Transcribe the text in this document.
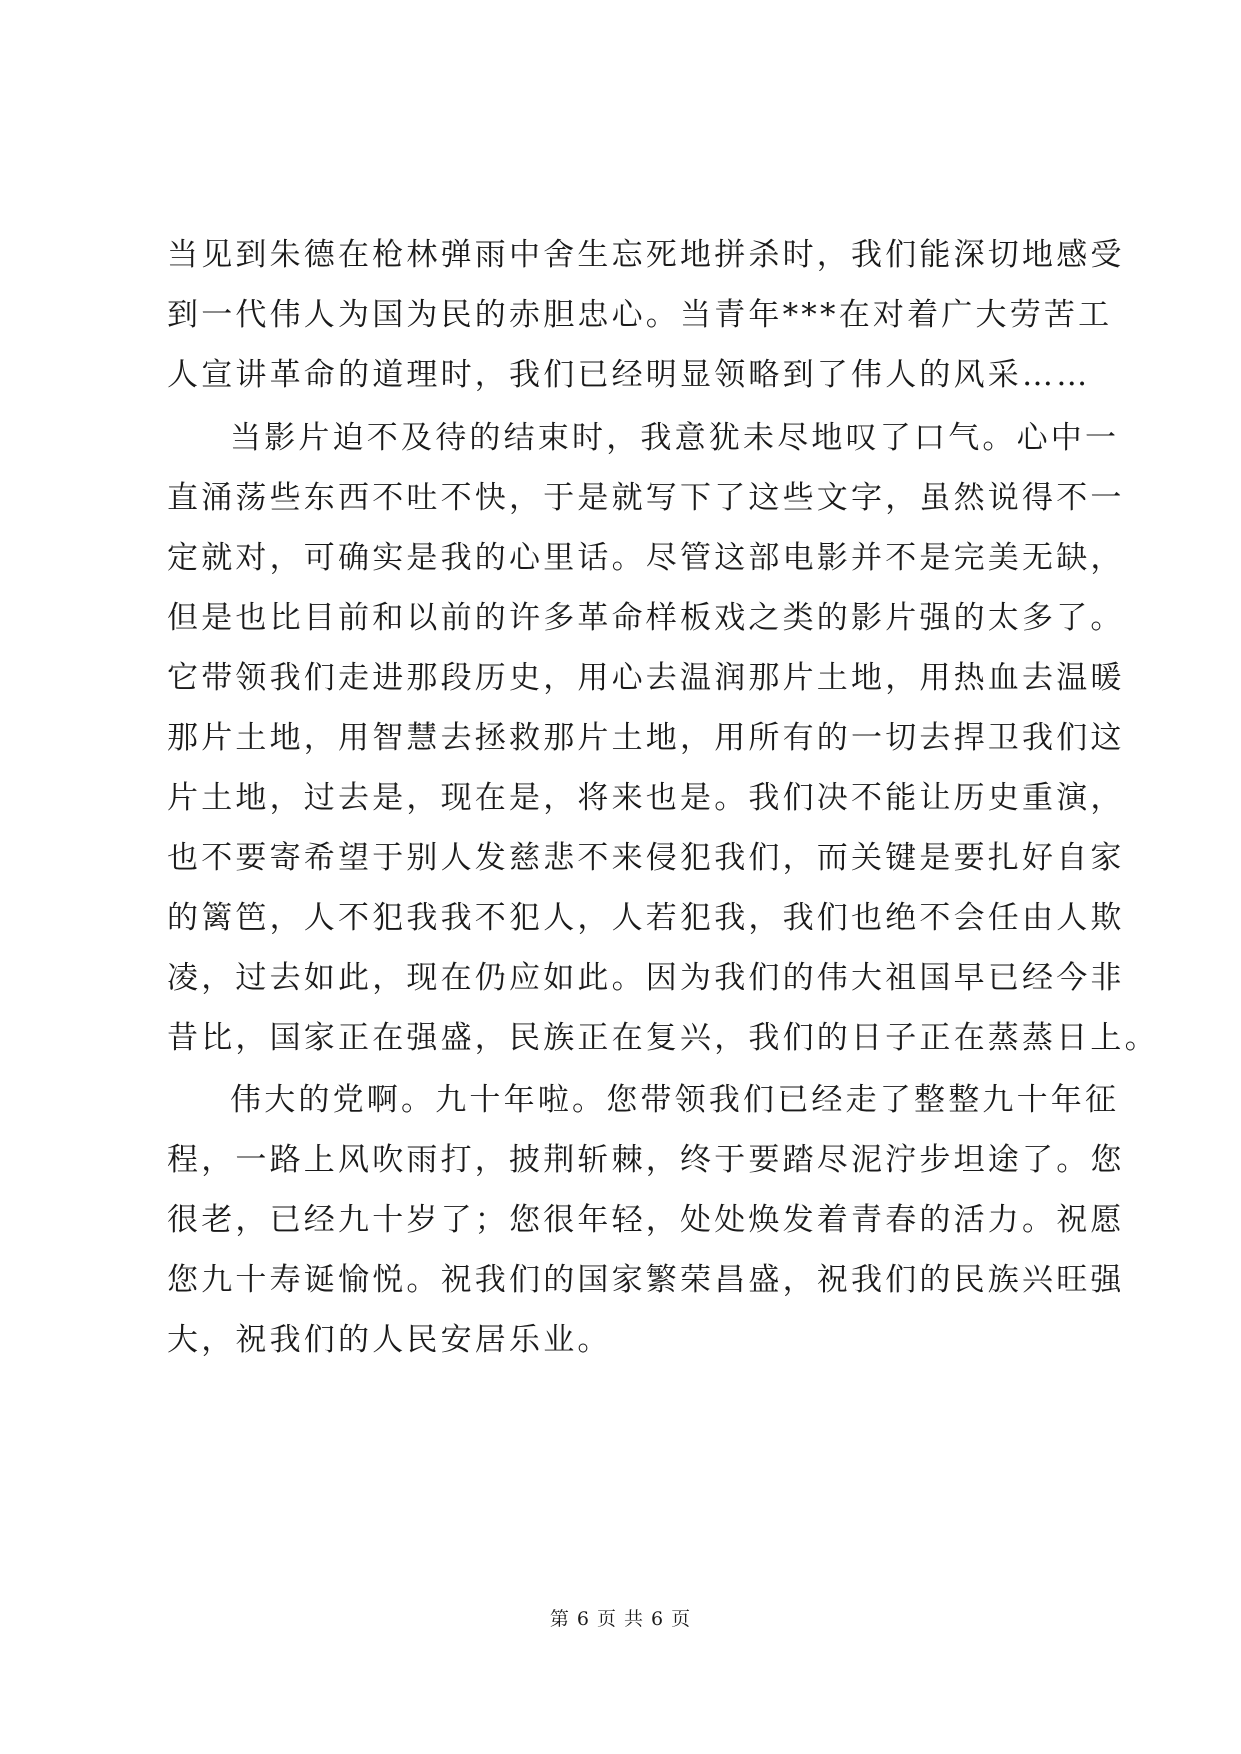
当见到朱德在枪林弹雨中舍生忘死地拼杀时，我们能深切地感受
到一代伟人为国为民的赤胆忠心。当青年***在对着广大劳苦工
人宣讲革命的道理时，我们已经明显领略到了伟人的风采……
当影片迫不及待的结束时，我意犹未尽地叹了口气。心中一
直涌荡些东西不吐不快，于是就写下了这些文字，虽然说得不一
定就对，可确实是我的心里话。尽管这部电影并不是完美无缺，
但是也比目前和以前的许多革命样板戏之类的影片强的太多了。
它带领我们走进那段历史，用心去温润那片土地，用热血去温暖
那片土地，用智慧去拯救那片土地，用所有的一切去捍卫我们这
片土地，过去是，现在是，将来也是。我们决不能让历史重演，
也不要寄希望于别人发慈悲不来侵犯我们，而关键是要扎好自家
的篱笆，人不犯我我不犯人，人若犯我，我们也绝不会任由人欺
凌，过去如此，现在仍应如此。因为我们的伟大祖国早已经今非
昔比，国家正在强盛，民族正在复兴，我们的日子正在蒸蒸日上。
伟大的党啊。九十年啦。您带领我们已经走了整整九十年征
程，一路上风吹雨打，披荆斩棘，终于要踏尽泥泞步坦途了。您
很老，已经九十岁了；您很年轻，处处焕发着青春的活力。祝愿
您九十寿诞愉悦。祝我们的国家繁荣昌盛，祝我们的民族兴旺强
大，祝我们的人民安居乐业。
第 6 页 共 6 页
